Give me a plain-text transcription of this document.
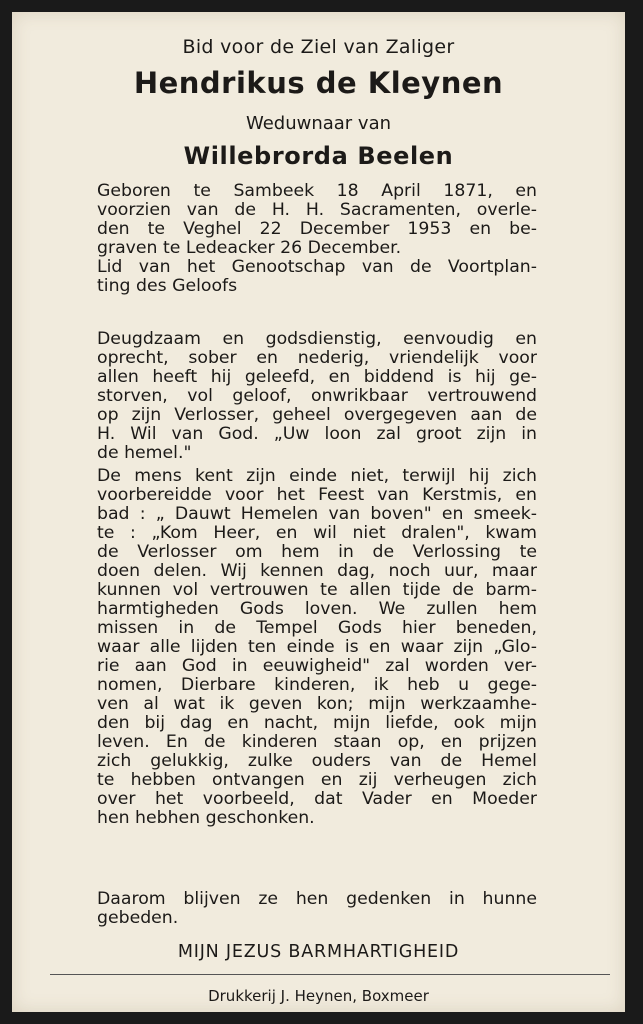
Bid voor de Ziel van Zaliger
Hendrikus de Kleynen
Weduwnaar van
Willebrorda Beelen
Geboren te Sambeek 18 April 1871, en
voorzien van de H. H. Sacramenten, overle-
den te Veghel 22 December 1953 en be-
graven te Ledeacker 26 December.
Lid van het Genootschap van de Voortplan-
ting des Geloofs
Deugdzaam en godsdienstig, eenvoudig en
oprecht, sober en nederig, vriendelijk voor
allen heeft hij geleefd, en biddend is hij ge-
storven, vol geloof, onwrikbaar vertrouwend
op zijn Verlosser, geheel overgegeven aan de
H. Wil van God. „Uw loon zal groot zijn in
de hemel."
De mens kent zijn einde niet, terwijl hij zich
voorbereidde voor het Feest van Kerstmis, en
bad : „ Dauwt Hemelen van boven" en smeek-
te : „Kom Heer, en wil niet dralen", kwam
de Verlosser om hem in de Verlossing te
doen delen. Wij kennen dag, noch uur, maar
kunnen vol vertrouwen te allen tijde de barm-
harmtigheden Gods loven. We zullen hem
missen in de Tempel Gods hier beneden,
waar alle lijden ten einde is en waar zijn „Glo-
rie aan God in eeuwigheid" zal worden ver-
nomen, Dierbare kinderen, ik heb u gege-
ven al wat ik geven kon; mijn werkzaamhe-
den bij dag en nacht, mijn liefde, ook mijn
leven. En de kinderen staan op, en prijzen
zich gelukkig, zulke ouders van de Hemel
te hebben ontvangen en zij verheugen zich
over het voorbeeld, dat Vader en Moeder
hen hebhen geschonken.
Daarom blijven ze hen gedenken in hunne
gebeden.
MIJN JEZUS BARMHARTIGHEID
Drukkerij J. Heynen, Boxmeer
